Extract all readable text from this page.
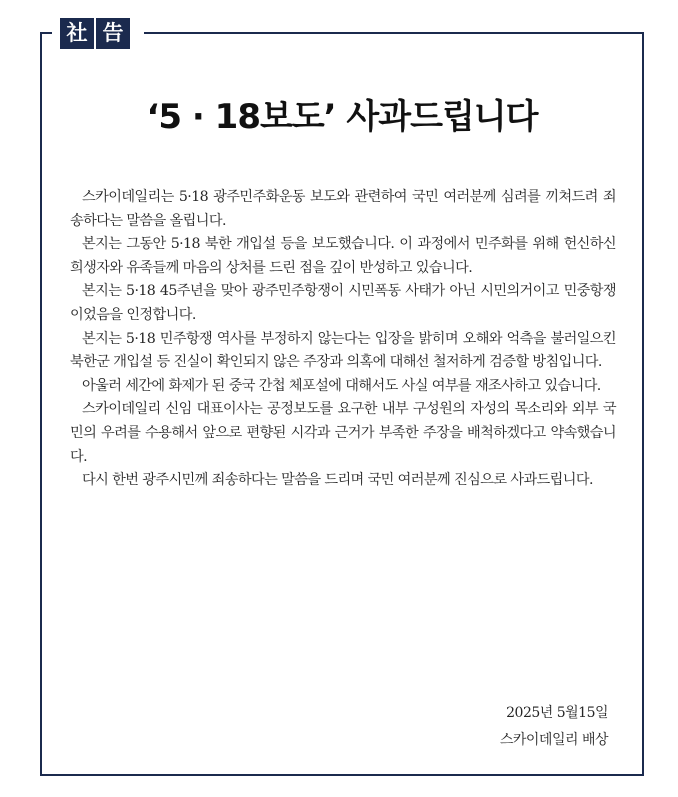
社 告
‘5 · 18보도’ 사과드립니다

스카이데일리는 5·18 광주민주화운동 보도와 관련하여 국민 여러분께 심려를 끼쳐드려 죄송하다는 말씀을 올립니다.

본지는 그동안 5·18 북한 개입설 등을 보도했습니다. 이 과정에서 민주화를 위해 헌신하신 희생자와 유족들께 마음의 상처를 드린 점을 깊이 반성하고 있습니다.

본지는 5·18 45주년을 맞아 광주민주항쟁이 시민폭동 사태가 아닌 시민의거이고 민중항쟁이었음을 인정합니다.

본지는 5·18 민주항쟁 역사를 부정하지 않는다는 입장을 밝히며 오해와 억측을 불러일으킨 북한군 개입설 등 진실이 확인되지 않은 주장과 의혹에 대해선 철저하게 검증할 방침입니다.

아울러 세간에 화제가 된 중국 간첩 체포설에 대해서도 사실 여부를 재조사하고 있습니다.

스카이데일리 신임 대표이사는 공정보도를 요구한 내부 구성원의 자성의 목소리와 외부 국민의 우려를 수용해서 앞으로 편향된 시각과 근거가 부족한 주장을 배척하겠다고 약속했습니다.

다시 한번 광주시민께 죄송하다는 말씀을 드리며 국민 여러분께 진심으로 사과드립니다.

2025년 5월15일
스카이데일리 배상
